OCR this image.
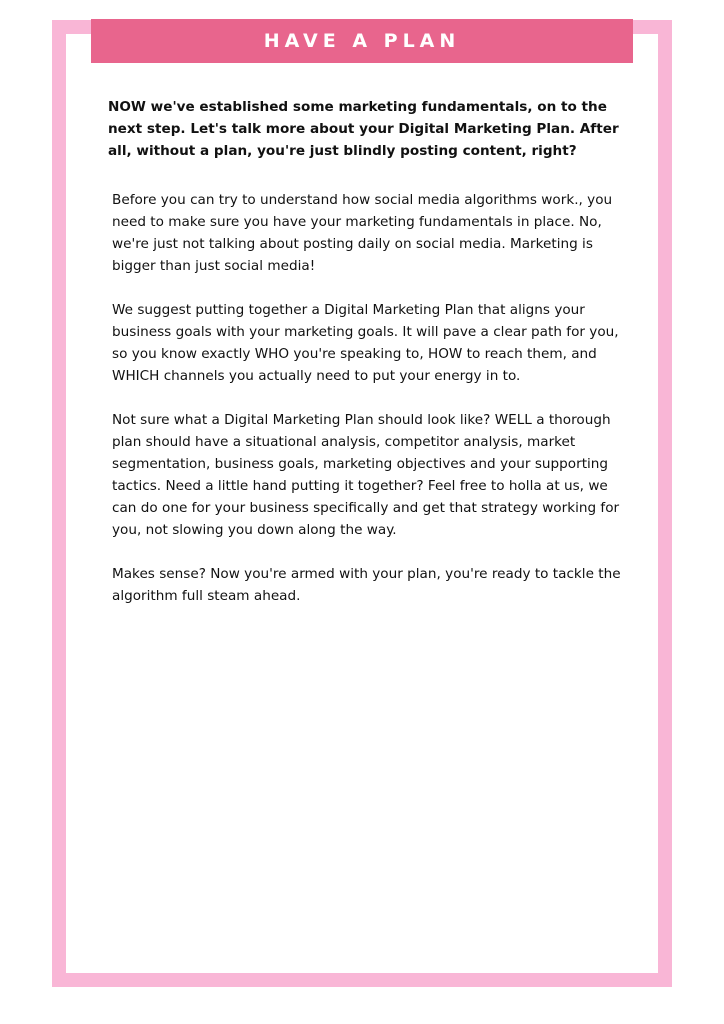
HAVE A PLAN

NOW we've established some marketing fundamentals, on to the next step. Let's talk more about your Digital Marketing Plan. After all, without a plan, you're just blindly posting content, right?

Before you can try to understand how social media algorithms work., you need to make sure you have your marketing fundamentals in place. No, we're just not talking about posting daily on social media. Marketing is bigger than just social media!

We suggest putting together a Digital Marketing Plan that aligns your business goals with your marketing goals. It will pave a clear path for you, so you know exactly WHO you're speaking to, HOW to reach them, and WHICH channels you actually need to put your energy in to.

Not sure what a Digital Marketing Plan should look like? WELL a thorough plan should have a situational analysis, competitor analysis, market segmentation, business goals, marketing objectives and your supporting tactics. Need a little hand putting it together? Feel free to holla at us, we can do one for your business specifically and get that strategy working for you, not slowing you down along the way.

Makes sense? Now you're armed with your plan, you're ready to tackle the algorithm full steam ahead.
